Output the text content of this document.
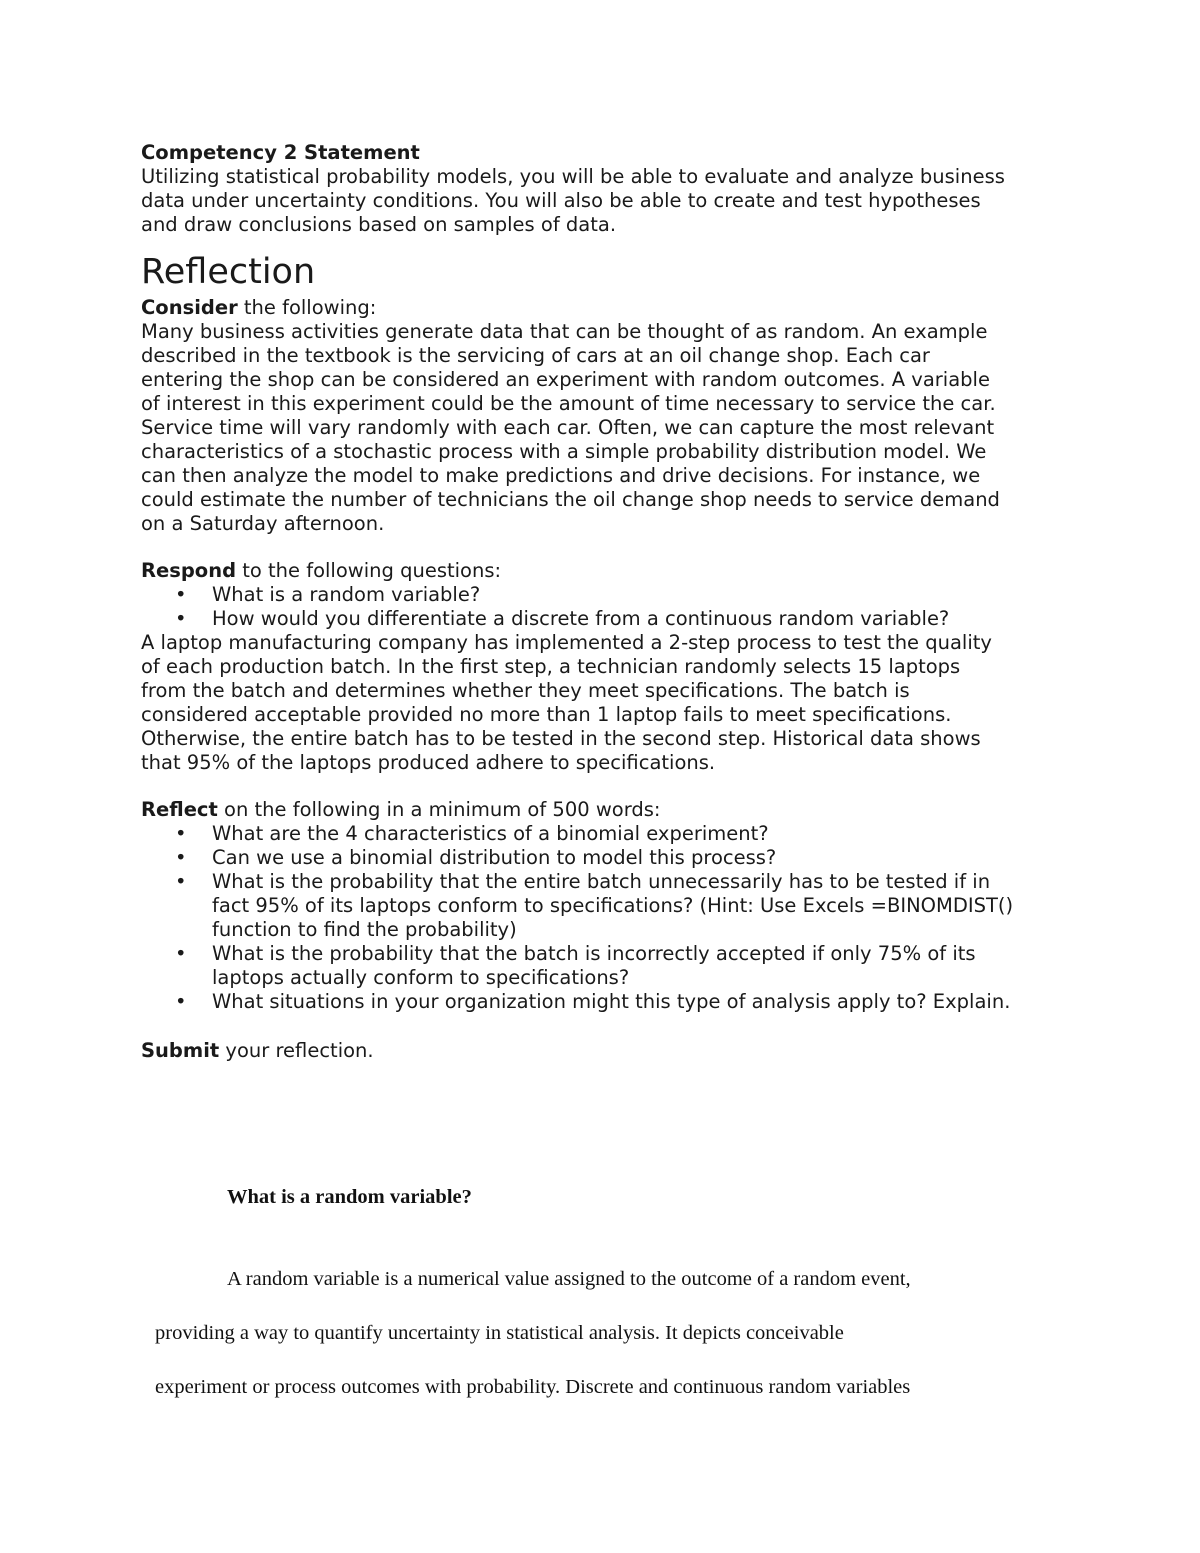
Competency 2 Statement
Utilizing statistical probability models, you will be able to evaluate and analyze business
data under uncertainty conditions. You will also be able to create and test hypotheses
and draw conclusions based on samples of data.
Reflection
Consider the following:
Many business activities generate data that can be thought of as random. An example
described in the textbook is the servicing of cars at an oil change shop. Each car
entering the shop can be considered an experiment with random outcomes. A variable
of interest in this experiment could be the amount of time necessary to service the car.
Service time will vary randomly with each car. Often, we can capture the most relevant
characteristics of a stochastic process with a simple probability distribution model. We
can then analyze the model to make predictions and drive decisions. For instance, we
could estimate the number of technicians the oil change shop needs to service demand
on a Saturday afternoon.
Respond to the following questions:
• What is a random variable?
• How would you differentiate a discrete from a continuous random variable?
A laptop manufacturing company has implemented a 2-step process to test the quality
of each production batch. In the first step, a technician randomly selects 15 laptops
from the batch and determines whether they meet specifications. The batch is
considered acceptable provided no more than 1 laptop fails to meet specifications.
Otherwise, the entire batch has to be tested in the second step. Historical data shows
that 95% of the laptops produced adhere to specifications.
Reflect on the following in a minimum of 500 words:
• What are the 4 characteristics of a binomial experiment?
• Can we use a binomial distribution to model this process?
• What is the probability that the entire batch unnecessarily has to be tested if in
fact 95% of its laptops conform to specifications? (Hint: Use Excels =BINOMDIST()
function to find the probability)
• What is the probability that the batch is incorrectly accepted if only 75% of its
laptops actually conform to specifications?
• What situations in your organization might this type of analysis apply to? Explain.
Submit your reflection.
What is a random variable?
A random variable is a numerical value assigned to the outcome of a random event,
providing a way to quantify uncertainty in statistical analysis. It depicts conceivable
experiment or process outcomes with probability. Discrete and continuous random variables
